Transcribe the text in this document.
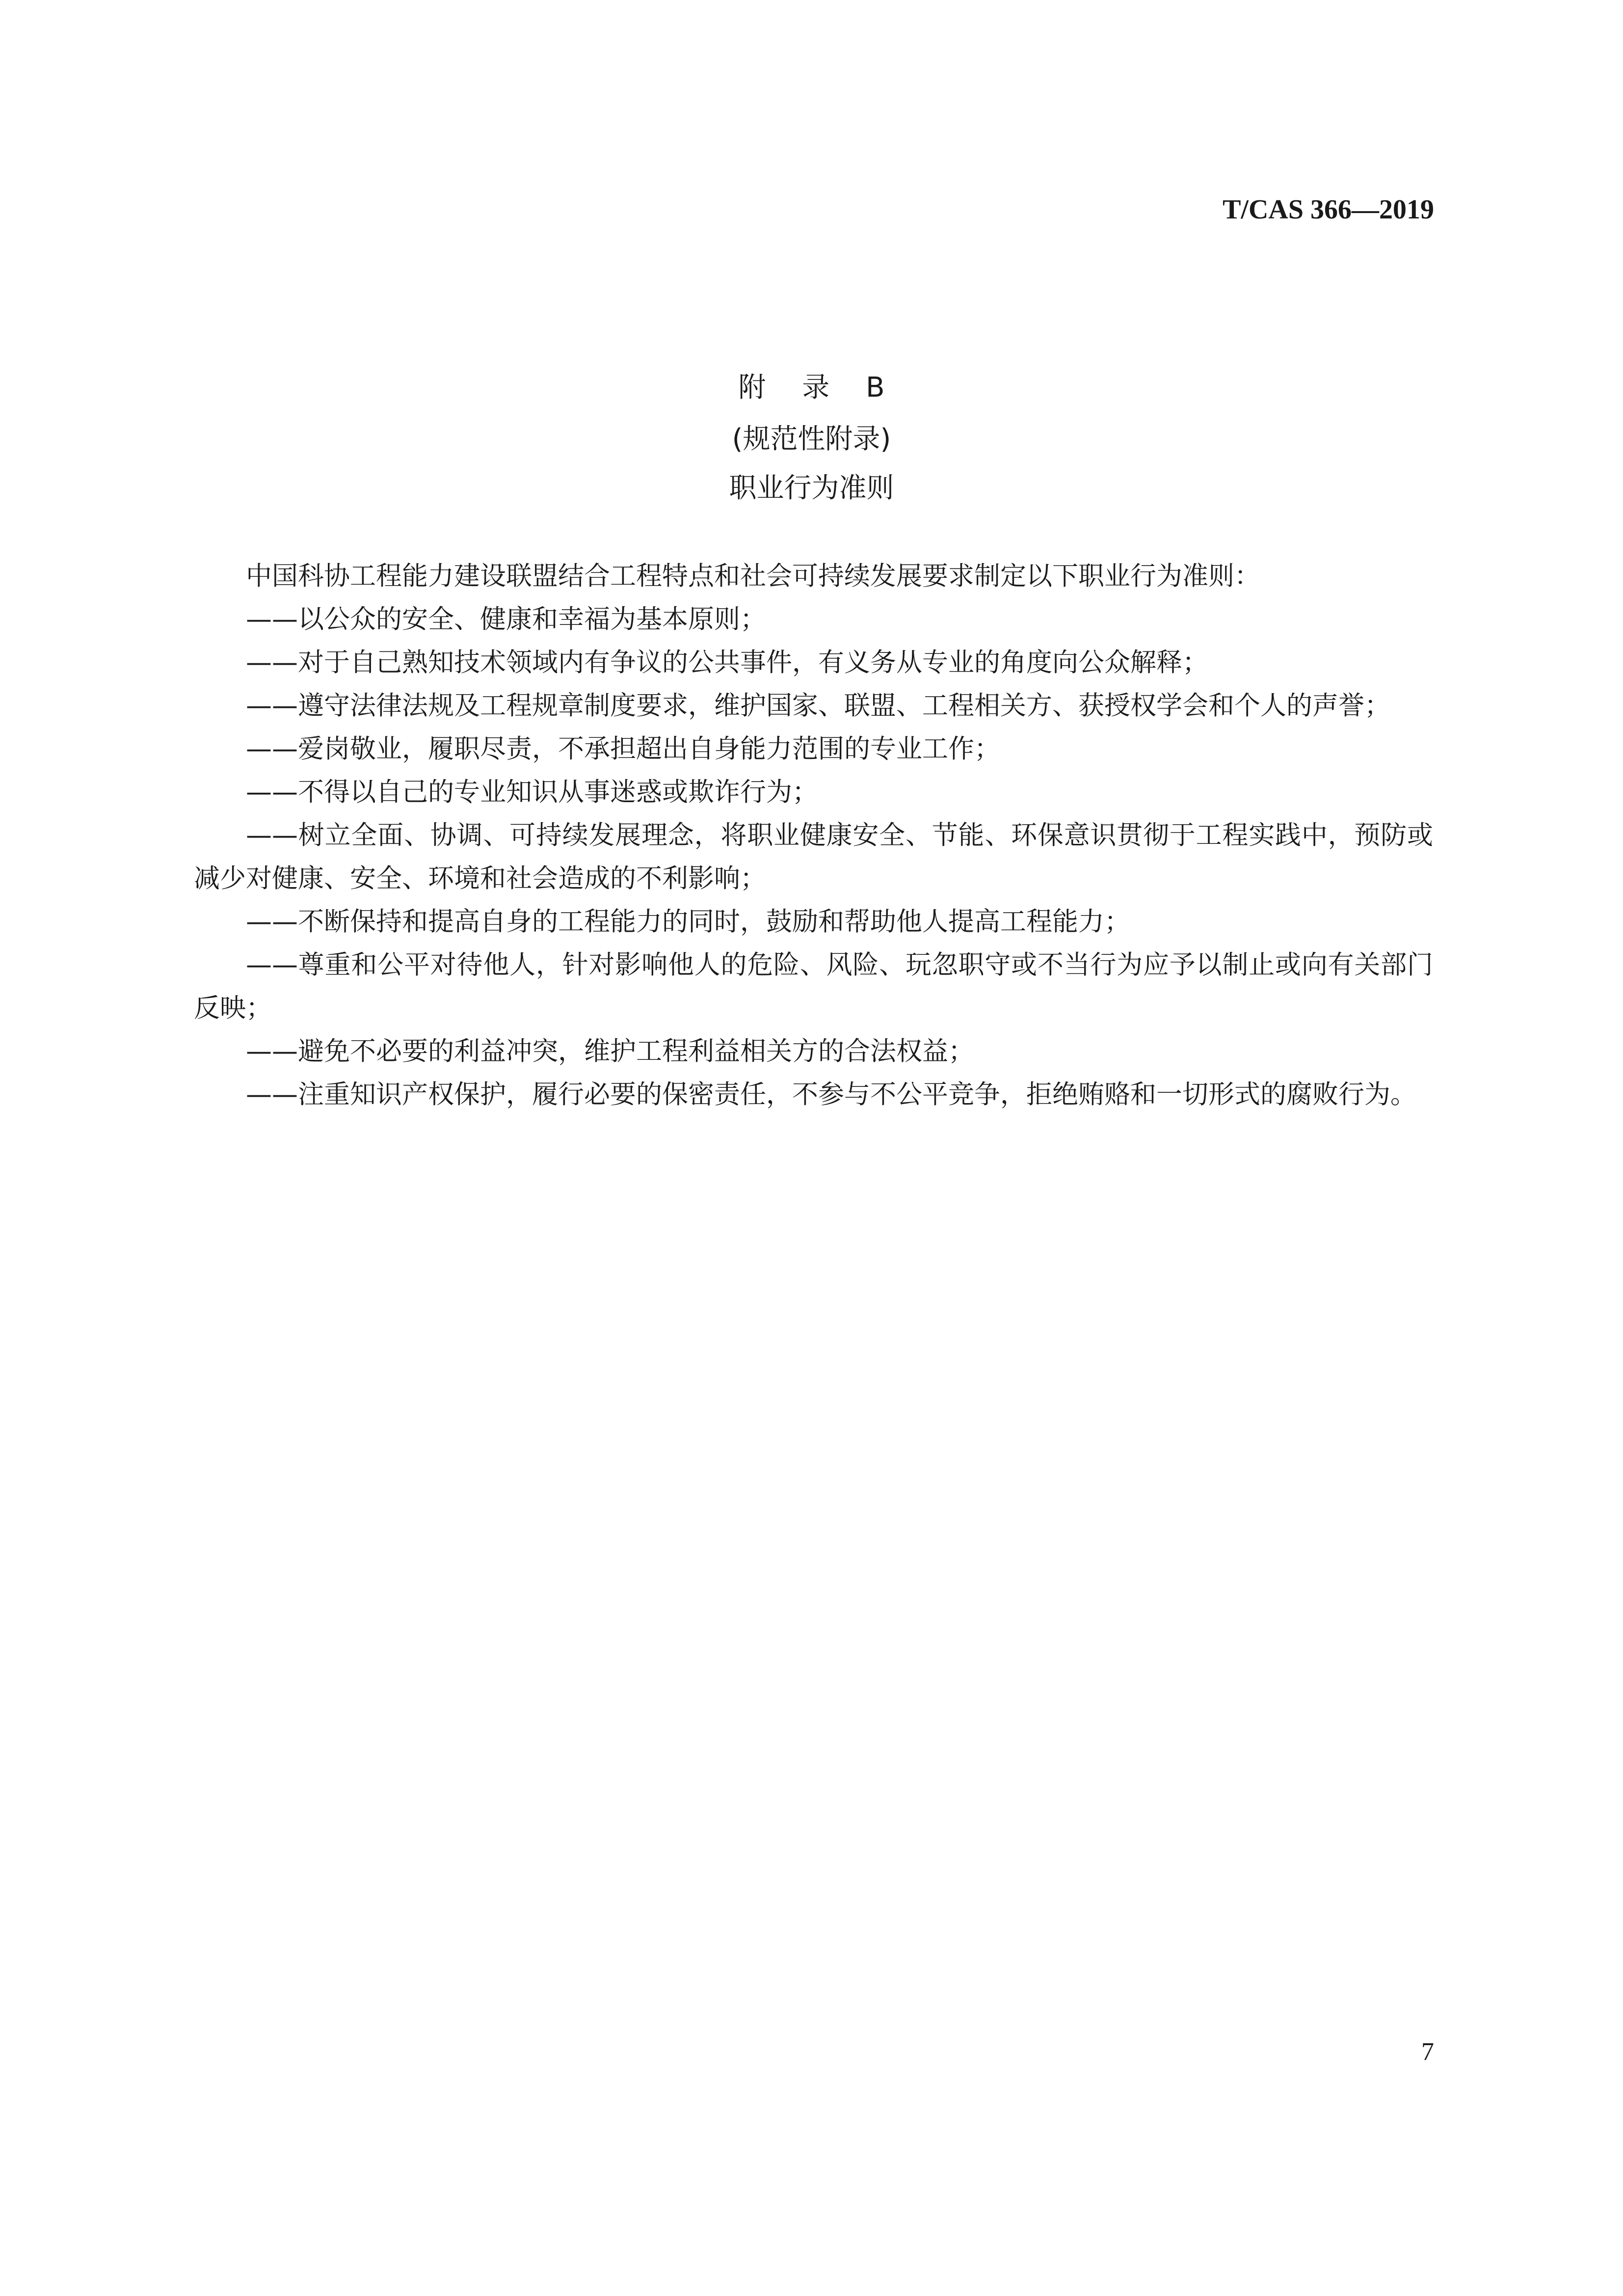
T/CAS 366—2019
附 录 B
(规范性附录)
职业行为准则

中国科协工程能力建设联盟结合工程特点和社会可持续发展要求制定以下职业行为准则：

——以公众的安全、健康和幸福为基本原则；

——对于自己熟知技术领域内有争议的公共事件，有义务从专业的角度向公众解释；

——遵守法律法规及工程规章制度要求，维护国家、联盟、工程相关方、获授权学会和个人的声誉；

——爱岗敬业，履职尽责，不承担超出自身能力范围的专业工作；

——不得以自己的专业知识从事迷惑或欺诈行为；

——树立全面、协调、可持续发展理念，将职业健康安全、节能、环保意识贯彻于工程实践中，预防或减少对健康、安全、环境和社会造成的不利影响；

——不断保持和提高自身的工程能力的同时，鼓励和帮助他人提高工程能力；

——尊重和公平对待他人，针对影响他人的危险、风险、玩忽职守或不当行为应予以制止或向有关部门反映；

——避免不必要的利益冲突，维护工程利益相关方的合法权益；

——注重知识产权保护，履行必要的保密责任，不参与不公平竞争，拒绝贿赂和一切形式的腐败行为。

7
